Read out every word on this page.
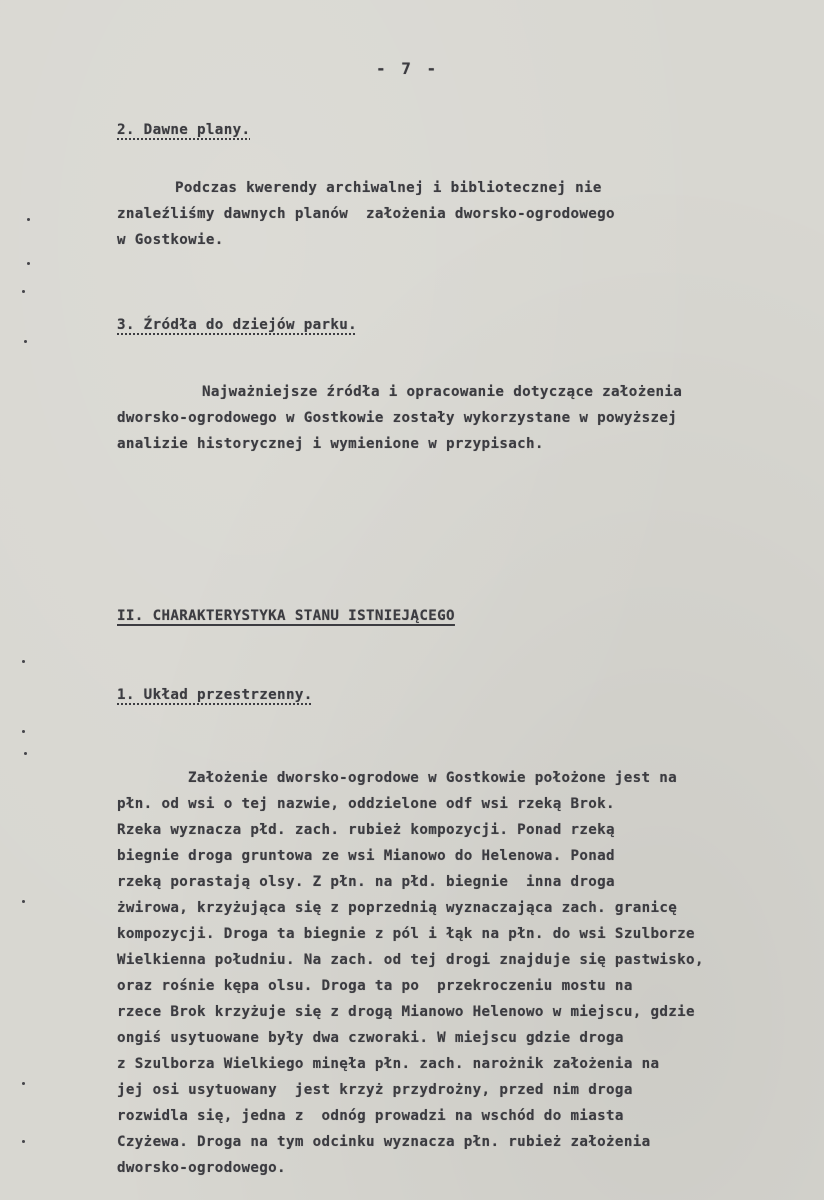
- 7 -
2. Dawne plany.
Podczas kwerendy archiwalnej i bibliotecznej nie
znaleźliśmy dawnych planów  założenia dworsko-ogrodowego
w Gostkowie.
3. Źródła do dziejów parku.
Najważniejsze źródła i opracowanie dotyczące założenia
dworsko-ogrodowego w Gostkowie zostały wykorzystane w powyższej
analizie historycznej i wymienione w przypisach.
II. CHARAKTERYSTYKA STANU ISTNIEJĄCEGO
1. Układ przestrzenny.
Założenie dworsko-ogrodowe w Gostkowie położone jest na
płn. od wsi o tej nazwie, oddzielone odf wsi rzeką Brok.
Rzeka wyznacza płd. zach. rubież kompozycji. Ponad rzeką
biegnie droga gruntowa ze wsi Mianowo do Helenowa. Ponad
rzeką porastają olsy. Z płn. na płd. biegnie  inna droga
żwirowa, krzyżująca się z poprzednią wyznaczająca zach. granicę
kompozycji. Droga ta biegnie z pól i łąk na płn. do wsi Szulborze
Wielkienna południu. Na zach. od tej drogi znajduje się pastwisko,
oraz rośnie kępa olsu. Droga ta po  przekroczeniu mostu na
rzece Brok krzyżuje się z drogą Mianowo Helenowo w miejscu, gdzie
ongiś usytuowane były dwa czworaki. W miejscu gdzie droga
z Szulborza Wielkiego minęła płn. zach. narożnik założenia na
jej osi usytuowany  jest krzyż przydrożny, przed nim droga
rozwidla się, jedna z  odnóg prowadzi na wschód do miasta
Czyżewa. Droga na tym odcinku wyznacza płn. rubież założenia
dworsko-ogrodowego.
